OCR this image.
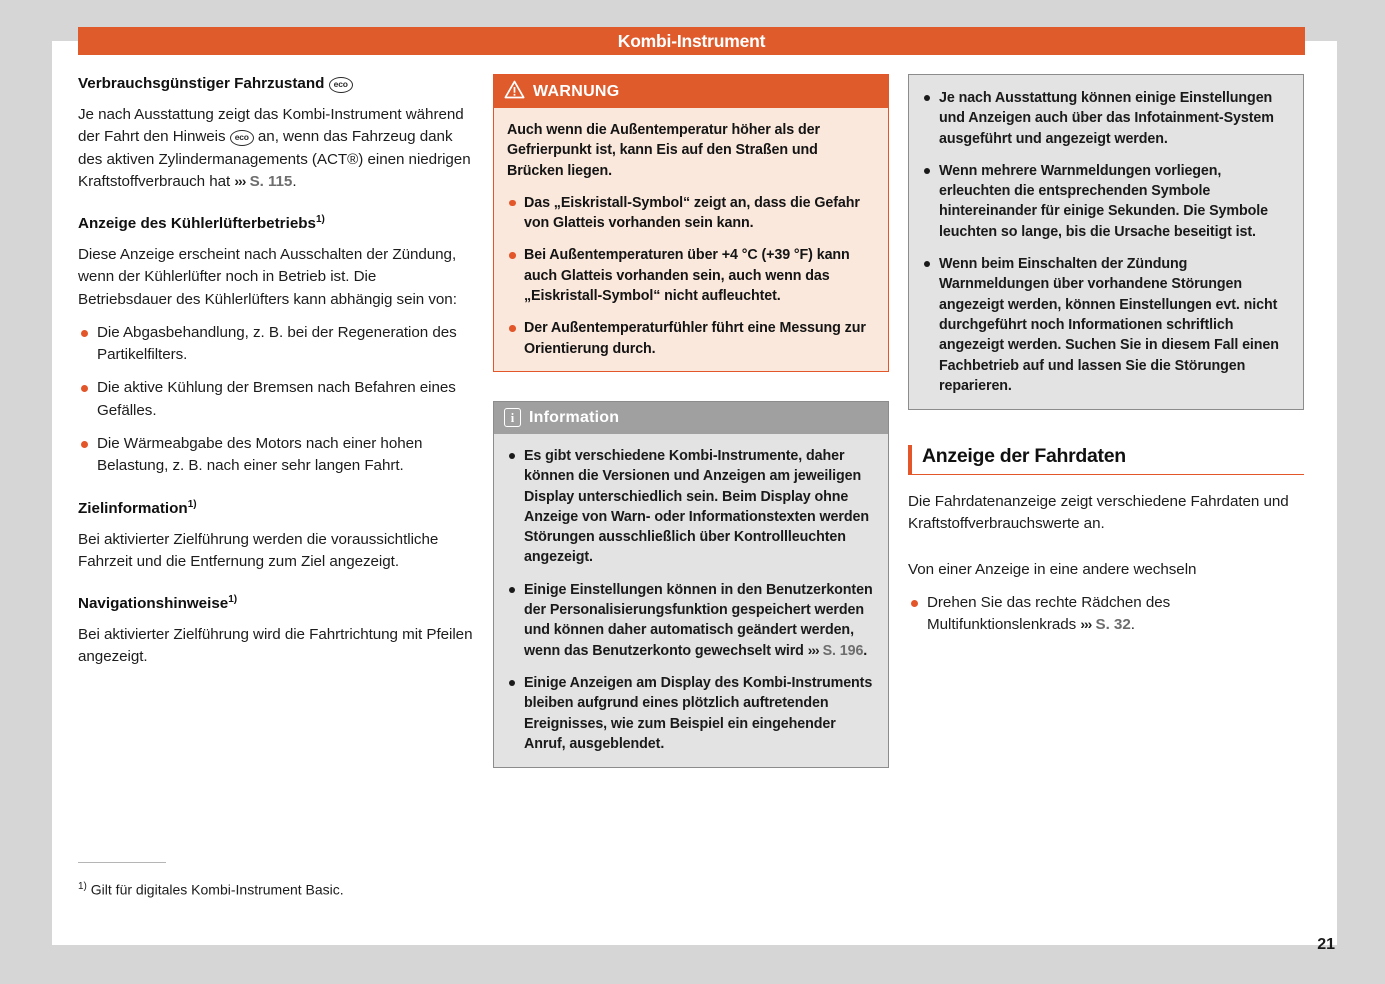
Kombi-Instrument
21
Verbrauchsgünstiger Fahrzustand eco

Je nach Ausstattung zeigt das Kombi-Instrument während der Fahrt den Hinweis eco an, wenn das Fahrzeug dank des aktiven Zylindermanagements (ACT®) einen niedrigen Kraftstoffverbrauch hat ››› S. 115.

Anzeige des Kühlerlüfterbetriebs$^{1)}$

Diese Anzeige erscheint nach Ausschalten der Zündung, wenn der Kühlerlüfter noch in Betrieb ist. Die Betriebsdauer des Kühlerlüfters kann abhängig sein von:

Die Abgasbehandlung, z. B. bei der Regeneration des Partikelfilters.
Die aktive Kühlung der Bremsen nach Befahren eines Gefälles.
Die Wärmeabgabe des Motors nach einer hohen Belastung, z. B. nach einer sehr langen Fahrt.
Zielinformation$^{1)}$

Bei aktivierter Zielführung werden die voraussichtliche Fahrzeit und die Entfernung zum Ziel angezeigt.

Navigationshinweise$^{1)}$

Bei aktivierter Zielführung wird die Fahrtrichtung mit Pfeilen angezeigt.

WARNUNG

Auch wenn die Außentemperatur höher als der Gefrierpunkt ist, kann Eis auf den Straßen und Brücken liegen.

Das „Eiskristall-Symbol“ zeigt an, dass die Gefahr von Glatteis vorhanden sein kann.
Bei Außentemperaturen über +4 °C (+39 °F) kann auch Glatteis vorhanden sein, auch wenn das „Eiskristall-Symbol“ nicht aufleuchtet.
Der Außentemperaturfühler führt eine Messung zur Orientierung durch.
i Information
Es gibt verschiedene Kombi-Instrumente, daher können die Versionen und Anzeigen am jeweiligen Display unterschiedlich sein. Beim Display ohne Anzeige von Warn- oder Informationstexten werden Störungen ausschließlich über Kontrollleuchten angezeigt.
Einige Einstellungen können in den Benutzerkonten der Personalisierungsfunktion gespeichert werden und können daher automatisch geändert werden, wenn das Benutzerkonto gewechselt wird ››› S. 196.
Einige Anzeigen am Display des Kombi-Instruments bleiben aufgrund eines plötzlich auftretenden Ereignisses, wie zum Beispiel ein eingehender Anruf, ausgeblendet.
Je nach Ausstattung können einige Einstellungen und Anzeigen auch über das Infotainment-System ausgeführt und angezeigt werden.
Wenn mehrere Warnmeldungen vorliegen, erleuchten die entsprechenden Symbole hintereinander für einige Sekunden. Die Symbole leuchten so lange, bis die Ursache beseitigt ist.
Wenn beim Einschalten der Zündung Warnmeldungen über vorhandene Störungen angezeigt werden, können Einstellungen evt. nicht durchgeführt noch Informationen schriftlich angezeigt werden. Suchen Sie in diesem Fall einen Fachbetrieb auf und lassen Sie die Störungen reparieren.
Anzeige der Fahrdaten

Die Fahrdatenanzeige zeigt verschiedene Fahrdaten und Kraftstoffverbrauchswerte an.

Von einer Anzeige in eine andere wechseln

Drehen Sie das rechte Rädchen des Multifunktionslenkrads ››› S. 32.
$^{1)}$ Gilt für digitales Kombi-Instrument Basic.
